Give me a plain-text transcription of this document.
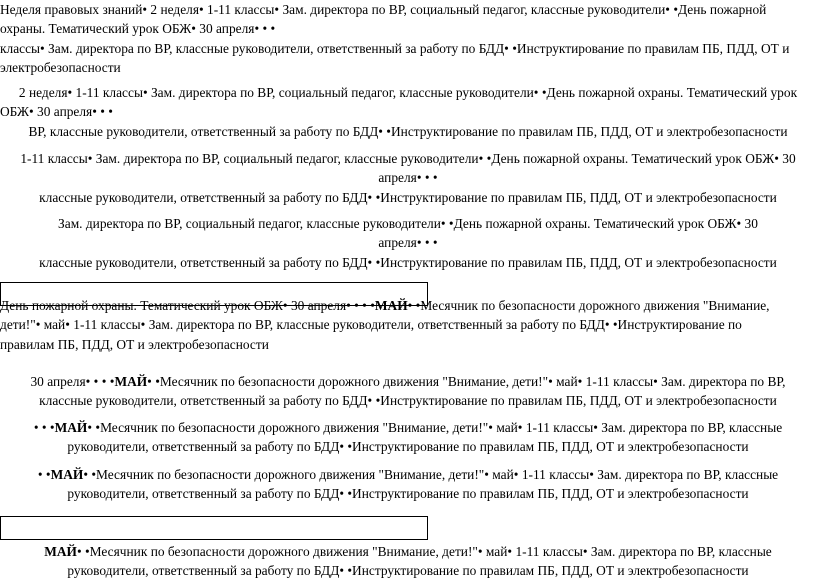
Неделя правовых знаний• 2 неделя• 1-11 классы• Зам. директора по ВР, социальный педагог, классные руководители• •День пожарной
охраны. Тематический урок ОБЖ• 30 апреля• • •
классы• Зам. директора по ВР, классные руководители, ответственный за работу по БДД• •Инструктирование по правилам ПБ, ПДД, ОТ и
электробезопасности
2 неделя• 1-11 классы• Зам. директора по ВР, социальный педагог, классные руководители• •День пожарной охраны. Тематический урок
ОБЖ• 30 апреля• • •
ВР, классные руководители, ответственный за работу по БДД• •Инструктирование по правилам ПБ, ПДД, ОТ и электробезопасности
1-11 классы• Зам. директора по ВР, социальный педагог, классные руководители• •День пожарной охраны. Тематический урок ОБЖ• 30
апреля• • •
классные руководители, ответственный за работу по БДД• •Инструктирование по правилам ПБ, ПДД, ОТ и электробезопасности
Зам. директора по ВР, социальный педагог, классные руководители• •День пожарной охраны. Тематический урок ОБЖ• 30
апреля• • •
классные руководители, ответственный за работу по БДД• •Инструктирование по правилам ПБ, ПДД, ОТ и электробезопасности
День пожарной охраны. Тематический урок ОБЖ• 30 апреля• • • •МАЙ• •Месячник по безопасности дорожного движения "Внимание,
дети!"• май• 1-11 классы• Зам. директора по ВР, классные руководители, ответственный за работу по БДД• •Инструктирование по
правилам ПБ, ПДД, ОТ и электробезопасности
30 апреля• • • •МАЙ• •Месячник по безопасности дорожного движения "Внимание, дети!"• май• 1-11 классы• Зам. директора по ВР,
классные руководители, ответственный за работу по БДД• •Инструктирование по правилам ПБ, ПДД, ОТ и электробезопасности
• • •МАЙ• •Месячник по безопасности дорожного движения "Внимание, дети!"• май• 1-11 классы• Зам. директора по ВР, классные
руководители, ответственный за работу по БДД• •Инструктирование по правилам ПБ, ПДД, ОТ и электробезопасности
• •МАЙ• •Месячник по безопасности дорожного движения "Внимание, дети!"• май• 1-11 классы• Зам. директора по ВР, классные
руководители, ответственный за работу по БДД• •Инструктирование по правилам ПБ, ПДД, ОТ и электробезопасности
МАЙ• •Месячник по безопасности дорожного движения "Внимание, дети!"• май• 1-11 классы• Зам. директора по ВР, классные
руководители, ответственный за работу по БДД• •Инструктирование по правилам ПБ, ПДД, ОТ и электробезопасности
